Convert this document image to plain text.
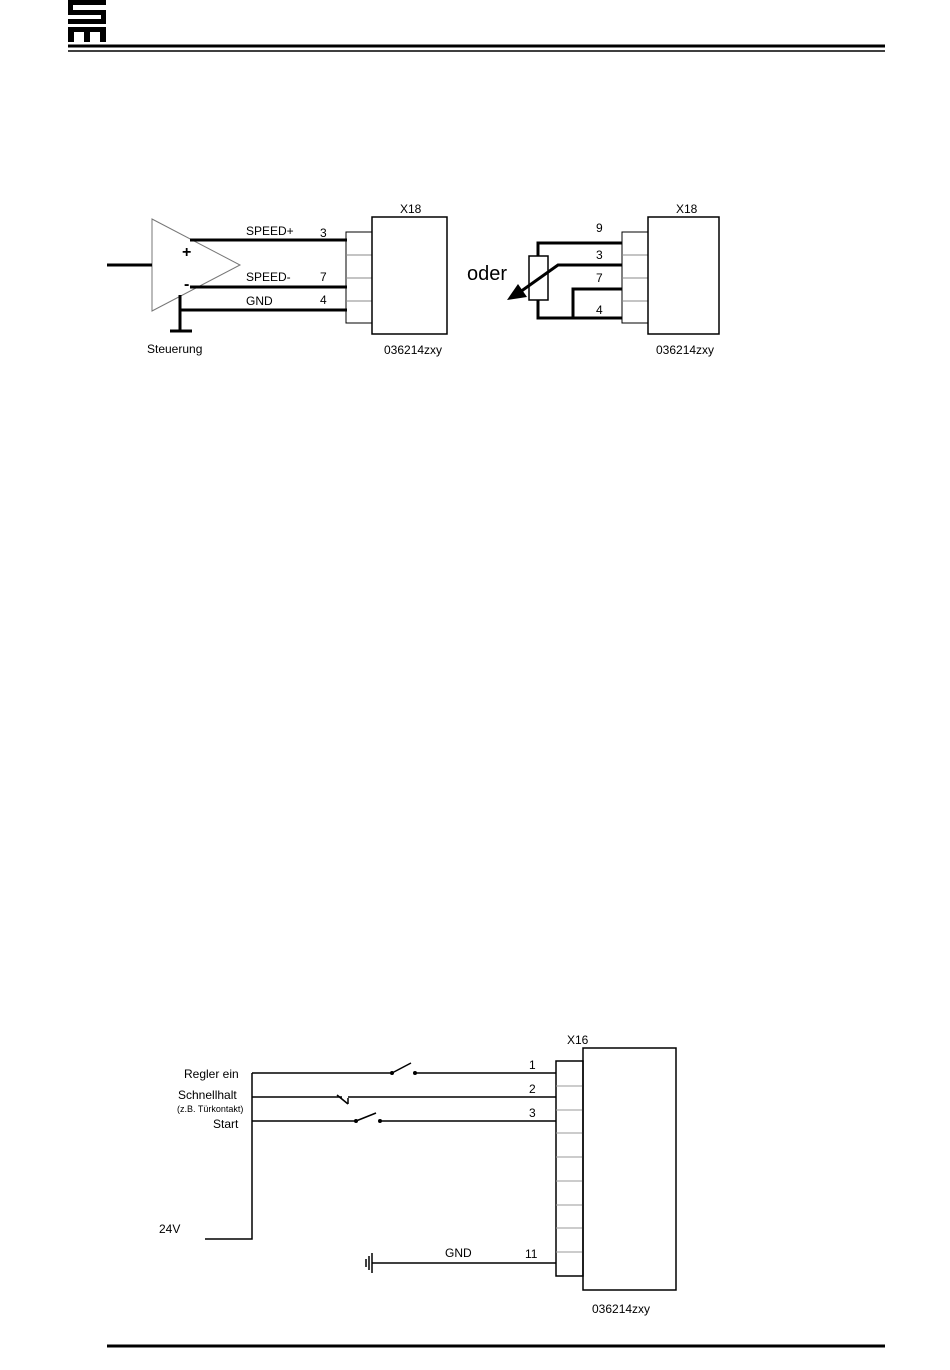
+
-
SPEED+
SPEED-
GND
3
7
4
X18
Steuerung	036214zxy
oder
9
3
7
4
X18
036214zxy
Regler ein
Schnellhalt
(z.B. Türkontakt)
Start
24V
GND
1
2
3
11
X16
036214zxy
